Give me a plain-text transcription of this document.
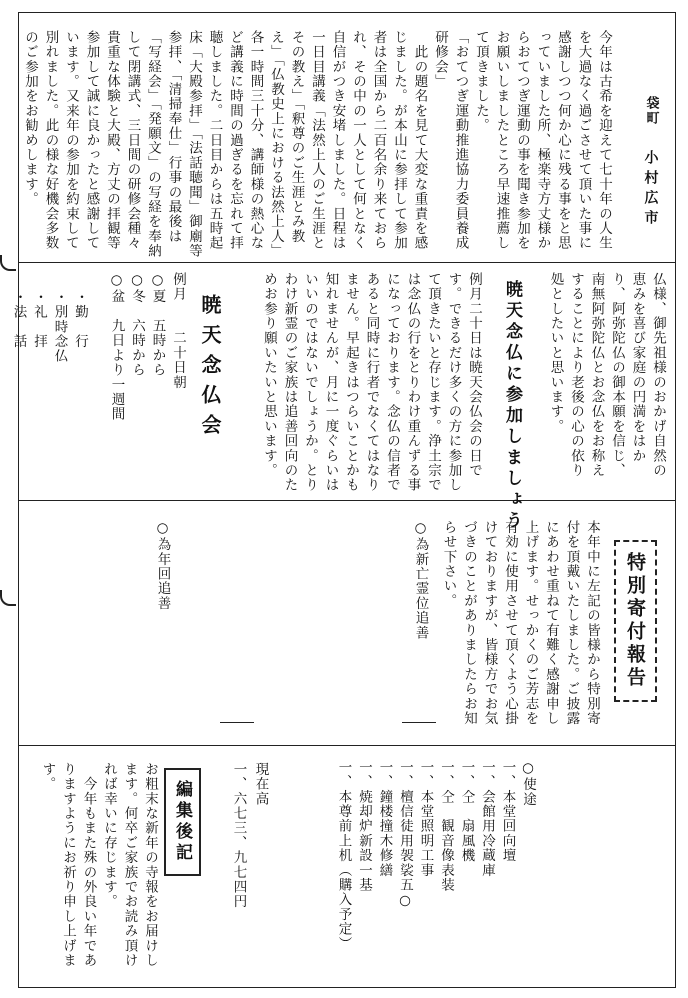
袋町
小村広市
今年は古希を迎えて七十年の人生を大過なく過ごさせて頂いた事に感謝しつつ何か心に残る事をと思っていました所、極楽寺方丈様からおてつぎ運動の事を聞き参加をお願いしましたところ早速推薦して頂きました。
「おてつぎ運動推進協力委員養成研修会」
　此の題名を見て大変な重責を感じました。が本山に参拝して参加者は全国から二百名余り来ておられ、その中の一人として何となく自信がつき安堵しました。日程は一日目講義「法然上人のご生涯とその教え」「釈尊のご生涯とみ教え」「仏教史上における法然上人」各一時間三十分、講師様の熱心など講義に時間の過ぎるを忘れて拝聴しました。二日目からは五時起床「大殿参拝」「法話聴聞」御廟等参拝、「清掃奉仕」行事の最後は「写経会」「発願文」の写経を奉納して閉講式、三日間の研修会種々貴重な体験と大殿、方丈の拝観等参加して誠に良かったと感謝しています。又来年の参加を約束して別れました。此の様な好機会多数のご参加をお勧めします。
仏様、御先祖様のおかげ自然の恵みを喜び家庭の円満をはかり、阿弥陀仏の御本願を信じ、南無阿弥陀仏とお念仏をお称えすることにより老後の心の依り処としたいと思います。
暁天念仏に参加しましょう
例月二十日は暁天会仏会の日です。できるだけ多くの方に参加して頂きたいと存じます。浄土宗では念仏の行をとりわけ重んずる事になっております。念仏の信者であると同時に行者でなくてはなりません。早起きはつらいことかも知れませんが、月に一度ぐらいはいいのではないでしょうか。とりわけ新霊のご家族は追善回向のためお参り願いたいと思います。
暁天念仏会
例月　　二十日朝
○夏　五時から
○冬　六時から
○盆　九日より一週間
・勤　行
・別時念仏
・礼　拝
・法　話
特別寄付報告
本年中に左記の皆様から特別寄付を頂戴いたしました。ご披露にあわせ重ねて有難く感謝申し上げます。せっかくのご芳志を有効に使用させて頂くよう心掛けておりますが、皆様方でお気づきのことがありましたらお知らせ下さい。
○為新亡霊位追善
○為年回追善
○使途
一、本堂回向壇
一、会館用冷蔵庫
一、仝　扇風機
一、仝　観音像表装
一、本堂照明工事
一、檀信徒用袈裟五○
一、鐘楼撞木修繕
一、焼却炉新設一基
一、本尊前上机（購入予定）
現在高
一、六七三、九七四円
編集後記
お粗末な新年の寺報をお届けします。何卒ご家族でお読み頂ければ幸いに存じます。
　今年もまた殊の外良い年でありますようにお祈り申し上げます。
